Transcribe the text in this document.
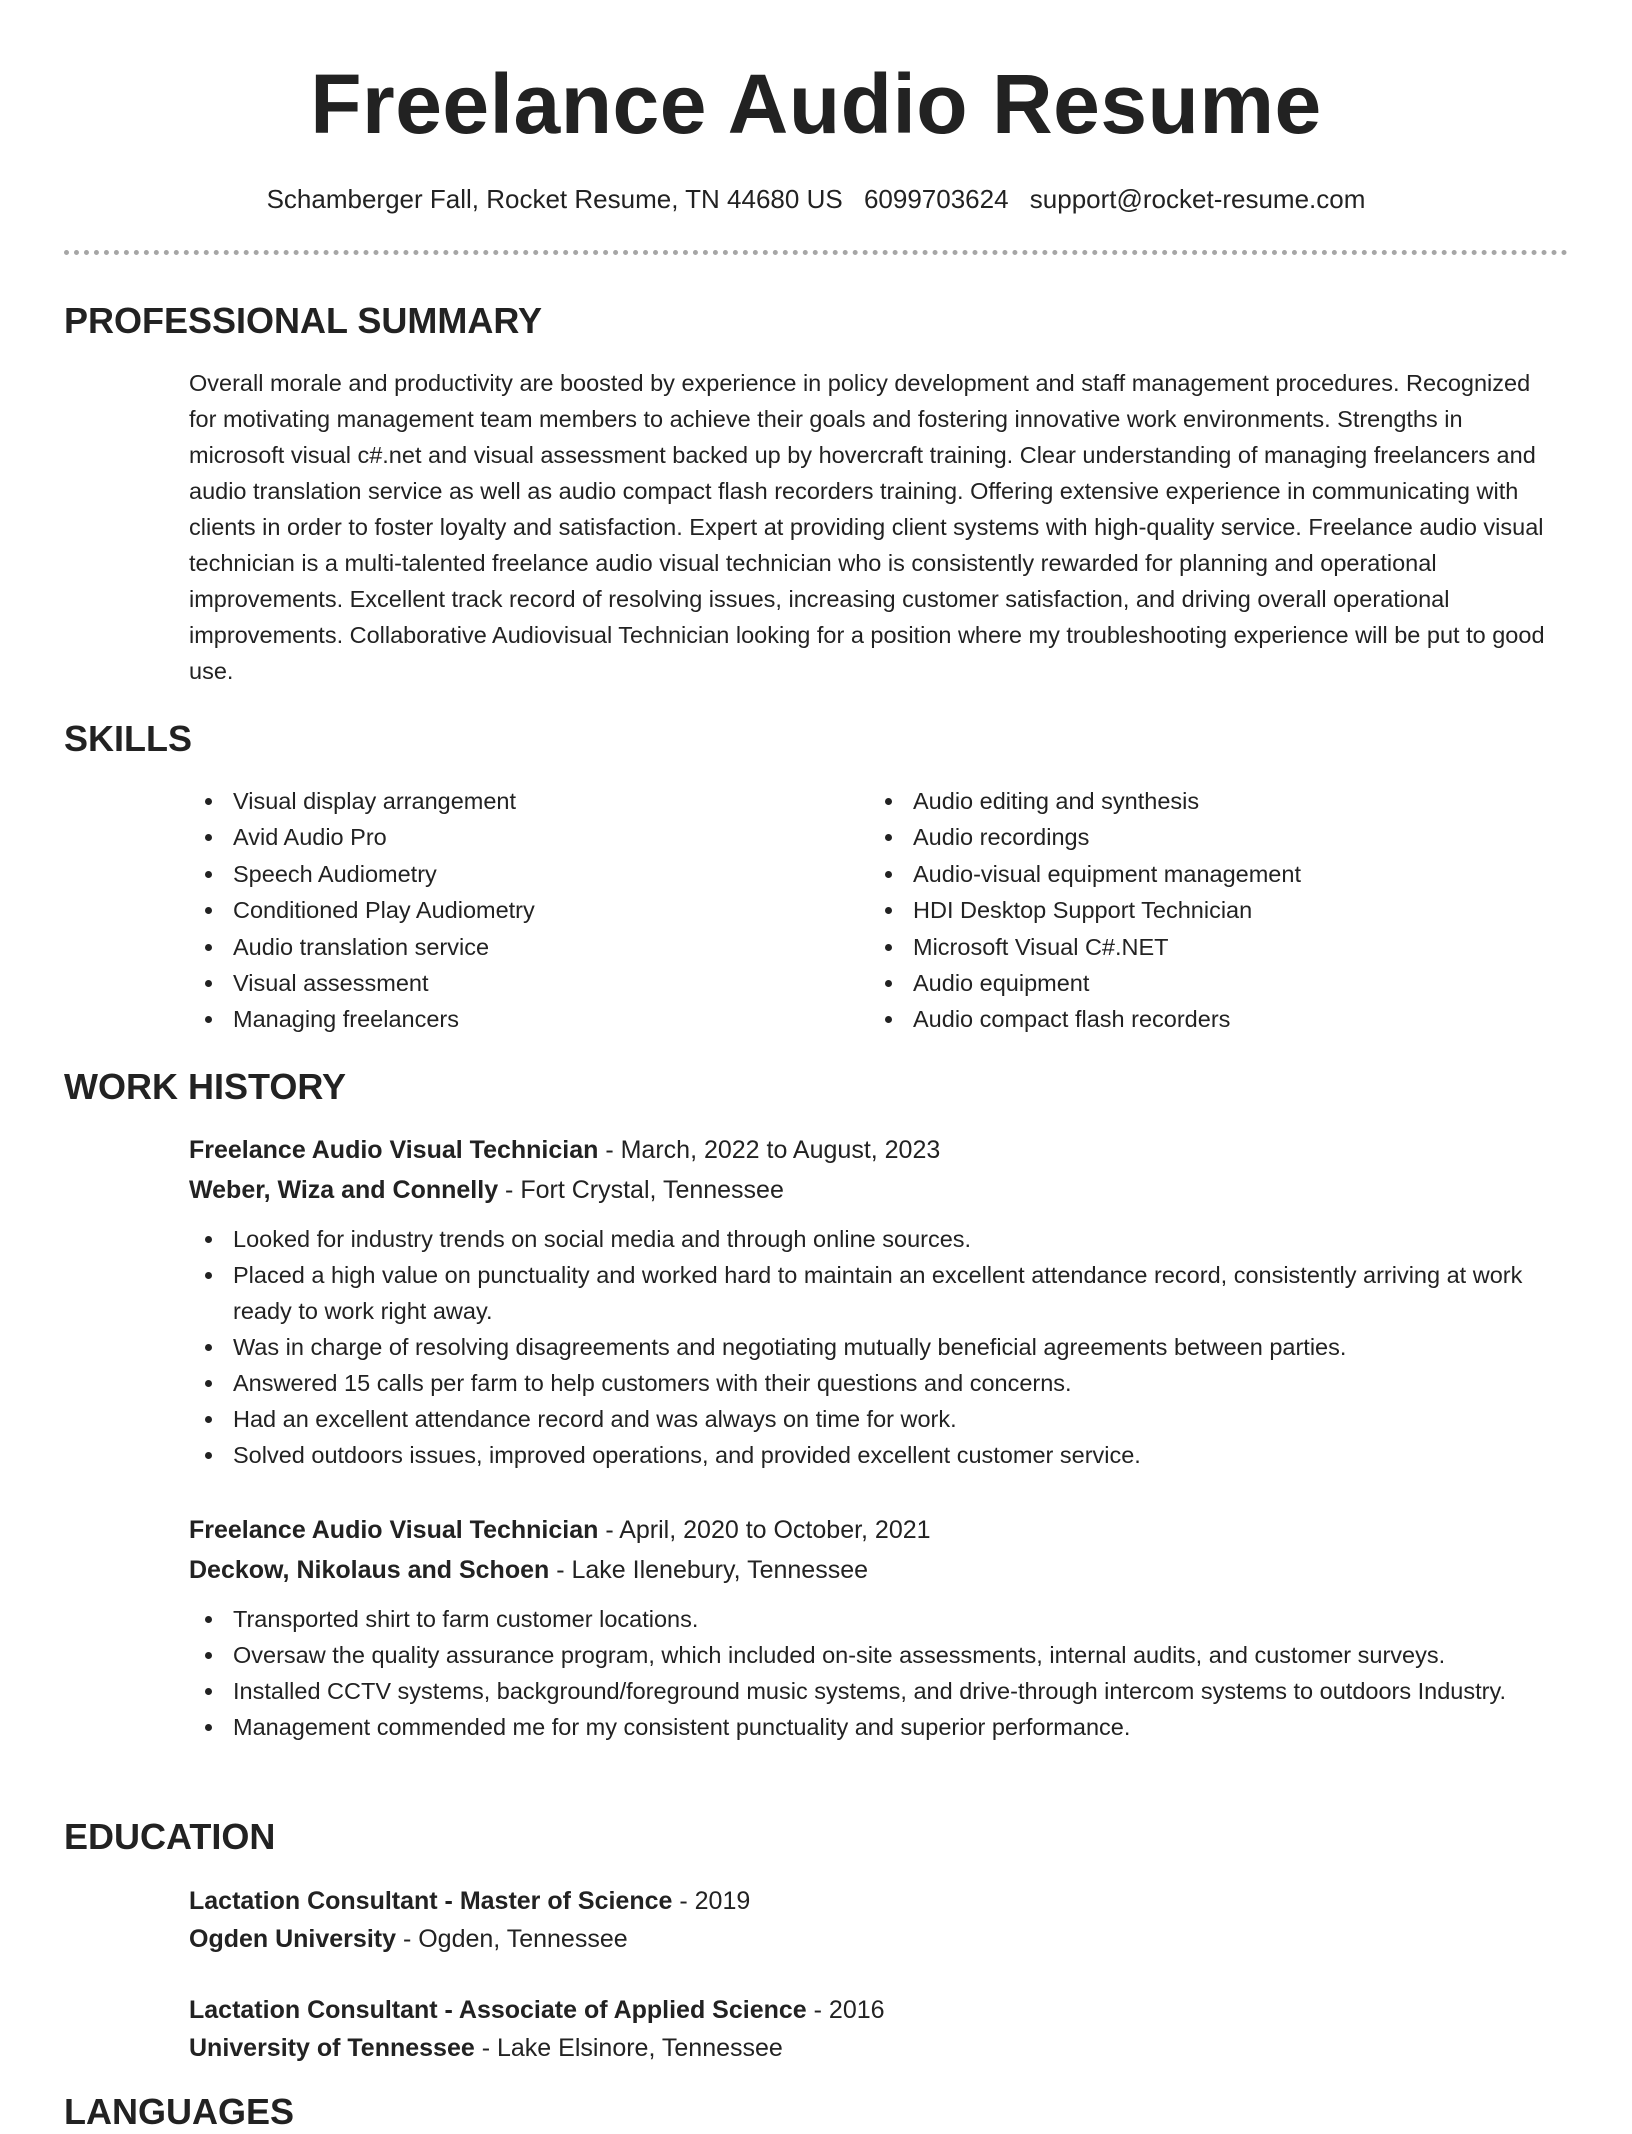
Freelance Audio Resume
Schamberger Fall, Rocket Resume, TN 44680 US 6099703624 support@rocket-resume.com
PROFESSIONAL SUMMARY

Overall morale and productivity are boosted by experience in policy development and staff management procedures. Recognized for motivating management team members to achieve their goals and fostering innovative work environments. Strengths in microsoft visual c#.net and visual assessment backed up by hovercraft training. Clear understanding of managing freelancers and audio translation service as well as audio compact flash recorders training. Offering extensive experience in communicating with clients in order to foster loyalty and satisfaction. Expert at providing client systems with high-quality service. Freelance audio visual technician is a multi-talented freelance audio visual technician who is consistently rewarded for planning and operational improvements. Excellent track record of resolving issues, increasing customer satisfaction, and driving overall operational improvements. Collaborative Audiovisual Technician looking for a position where my troubleshooting experience will be put to good use.

SKILLS
Visual display arrangement
Avid Audio Pro
Speech Audiometry
Conditioned Play Audiometry
Audio translation service
Visual assessment
Managing freelancers
Audio editing and synthesis
Audio recordings
Audio-visual equipment management
HDI Desktop Support Technician
Microsoft Visual C#.NET
Audio equipment
Audio compact flash recorders
WORK HISTORY
Freelance Audio Visual Technician - March, 2022 to August, 2023
Weber, Wiza and Connelly - Fort Crystal, Tennessee
Looked for industry trends on social media and through online sources.
Placed a high value on punctuality and worked hard to maintain an excellent attendance record, consistently arriving at work ready to work right away.
Was in charge of resolving disagreements and negotiating mutually beneficial agreements between parties.
Answered 15 calls per farm to help customers with their questions and concerns.
Had an excellent attendance record and was always on time for work.
Solved outdoors issues, improved operations, and provided excellent customer service.
Freelance Audio Visual Technician - April, 2020 to October, 2021
Deckow, Nikolaus and Schoen - Lake Ilenebury, Tennessee
Transported shirt to farm customer locations.
Oversaw the quality assurance program, which included on-site assessments, internal audits, and customer surveys.
Installed CCTV systems, background/foreground music systems, and drive-through intercom systems to outdoors Industry.
Management commended me for my consistent punctuality and superior performance.
EDUCATION
Lactation Consultant - Master of Science - 2019
Ogden University - Ogden, Tennessee
Lactation Consultant - Associate of Applied Science - 2016
University of Tennessee - Lake Elsinore, Tennessee
LANGUAGES
